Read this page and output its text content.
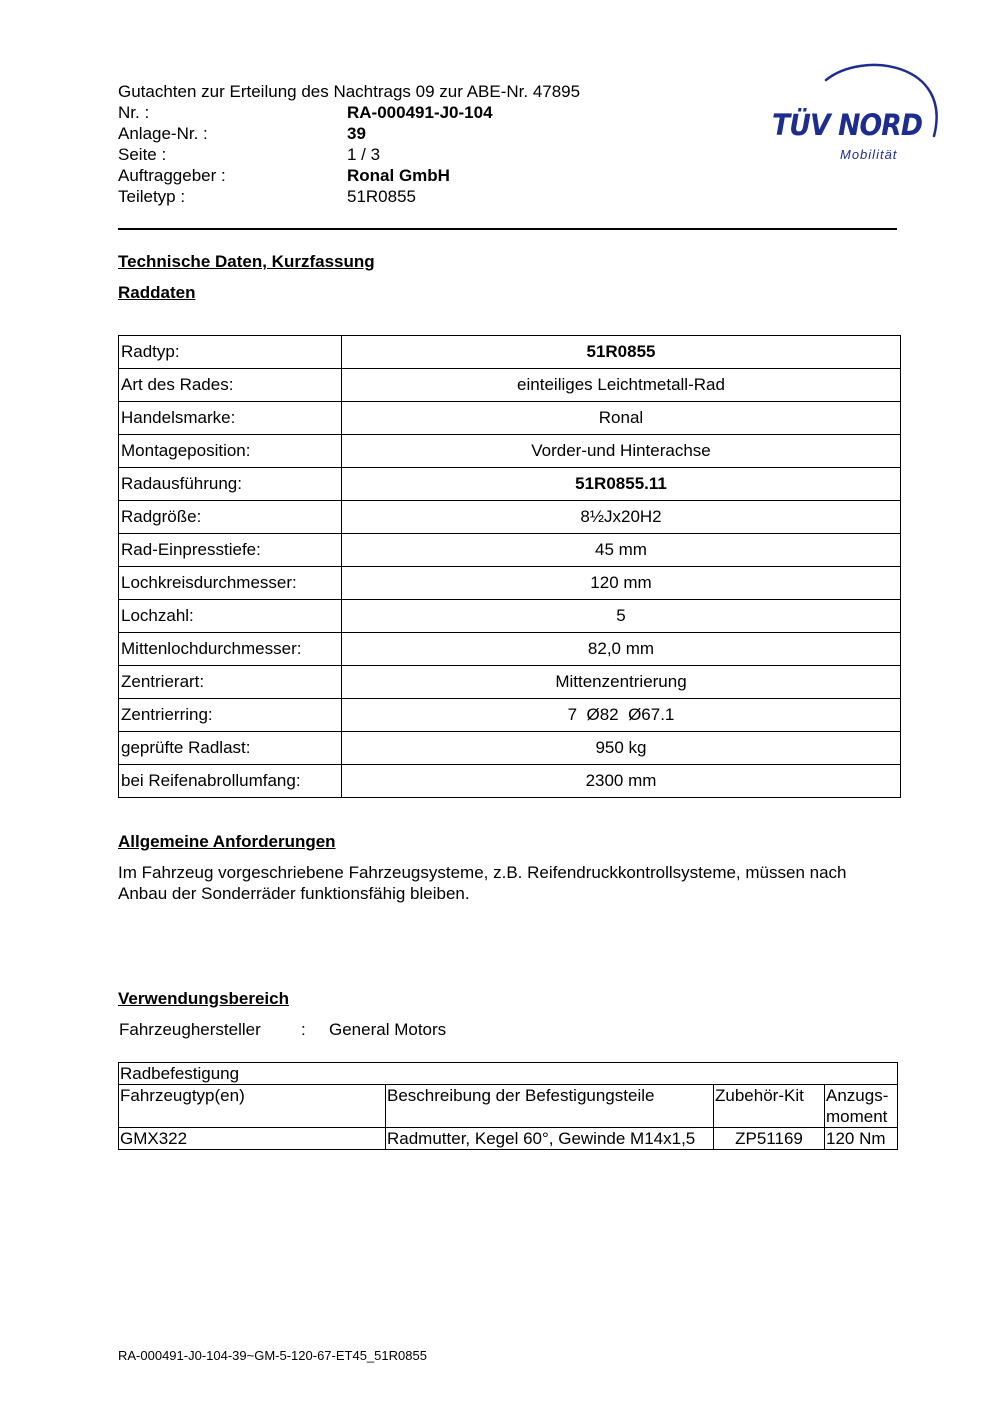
Gutachten zur Erteilung des Nachtrags 09 zur ABE-Nr. 47895
Nr. :	RA-000491-J0-104
Anlage-Nr. :	39
Seite :	1 / 3
Auftraggeber :	Ronal GmbH
Teiletyp :	51R0855
TÜV NORD
Mobilität
Technische Daten, Kurzfassung
Raddaten
Radtyp:	51R0855
Art des Rades:	einteiliges Leichtmetall-Rad
Handelsmarke:	Ronal
Montageposition:	Vorder-und Hinterachse
Radausführung:	51R0855.11
Radgröße:	8½Jx20H2
Rad-Einpresstiefe:	45 mm
Lochkreisdurchmesser:	120 mm
Lochzahl:	5
Mittenlochdurchmesser:	82,0 mm
Zentrierart:	Mittenzentrierung
Zentrierring:	7  Ø82  Ø67.1
geprüfte Radlast:	950 kg
bei Reifenabrollumfang:	2300 mm
Allgemeine Anforderungen
Im Fahrzeug vorgeschriebene Fahrzeugsysteme, z.B. Reifendruckkontrollsysteme, müssen nach Anbau der Sonderräder funktionsfähig bleiben.
Verwendungsbereich
Fahrzeughersteller : General Motors
Radbefestigung			
Fahrzeugtyp(en)	Beschreibung der Befestigungsteile	Zubehör-Kit	Anzugs-
moment
GMX322	Radmutter, Kegel 60°, Gewinde M14x1,5	ZP51169	120 Nm
RA-000491-J0-104-39~GM-5-120-67-ET45_51R0855
